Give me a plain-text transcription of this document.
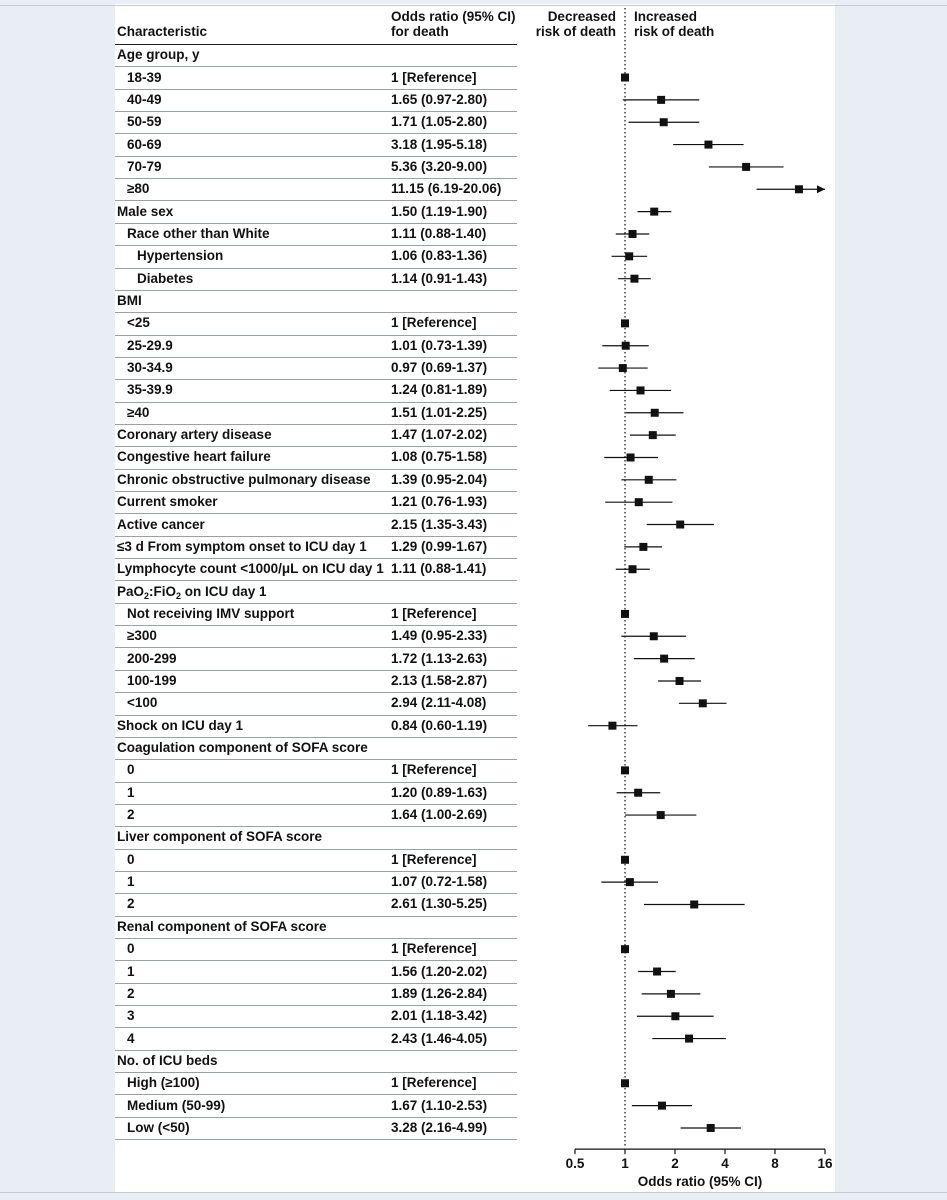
Characteristic
Odds ratio (95% CI)
for death
Decreased
risk of death
Increased
risk of death
Age group, y
18-39	1 [Reference]
40-49	1.65 (0.97-2.80)
50-59	1.71 (1.05-2.80)
60-69	3.18 (1.95-5.18)
70-79	5.36 (3.20-9.00)
≥80	11.15 (6.19-20.06)
Male sex	1.50 (1.19-1.90)
Race other than White	1.11 (0.88-1.40)
Hypertension	1.06 (0.83-1.36)
Diabetes	1.14 (0.91-1.43)
BMI
<25	1 [Reference]
25-29.9	1.01 (0.73-1.39)
30-34.9	0.97 (0.69-1.37)
35-39.9	1.24 (0.81-1.89)
≥40	1.51 (1.01-2.25)
Coronary artery disease	1.47 (1.07-2.02)
Congestive heart failure	1.08 (0.75-1.58)
Chronic obstructive pulmonary disease 1.39 (0.95-2.04)
Current smoker	1.21 (0.76-1.93)
Active cancer	2.15 (1.35-3.43)
≤3 d From symptom onset to ICU day 1 1.29 (0.99-1.67)
Lymphocyte count <1000/μL on ICU day 1 1.11 (0.88-1.41)
PaO$_2$:FiO$_2$ on ICU day 1
Not receiving IMV support	1 [Reference]
≥300	1.49 (0.95-2.33)
200-299	1.72 (1.13-2.63)
100-199	2.13 (1.58-2.87)
<100	2.94 (2.11-4.08)
Shock on ICU day 1	0.84 (0.60-1.19)
Coagulation component of SOFA score
0	1 [Reference]
1	1.20 (0.89-1.63)
2	1.64 (1.00-2.69)
Liver component of SOFA score
0	1 [Reference]
1	1.07 (0.72-1.58)
2	2.61 (1.30-5.25)
Renal component of SOFA score
0	1 [Reference]
1	1.56 (1.20-2.02)
2	1.89 (1.26-2.84)
3	2.01 (1.18-3.42)
4	2.43 (1.46-4.05)
No. of ICU beds
High (≥100)	1 [Reference]
Medium (50-99)	1.67 (1.10-2.53)
Low (<50)	3.28 (2.16-4.99)
0.5	1	2	4	8	16
Odds ratio (95% CI)
